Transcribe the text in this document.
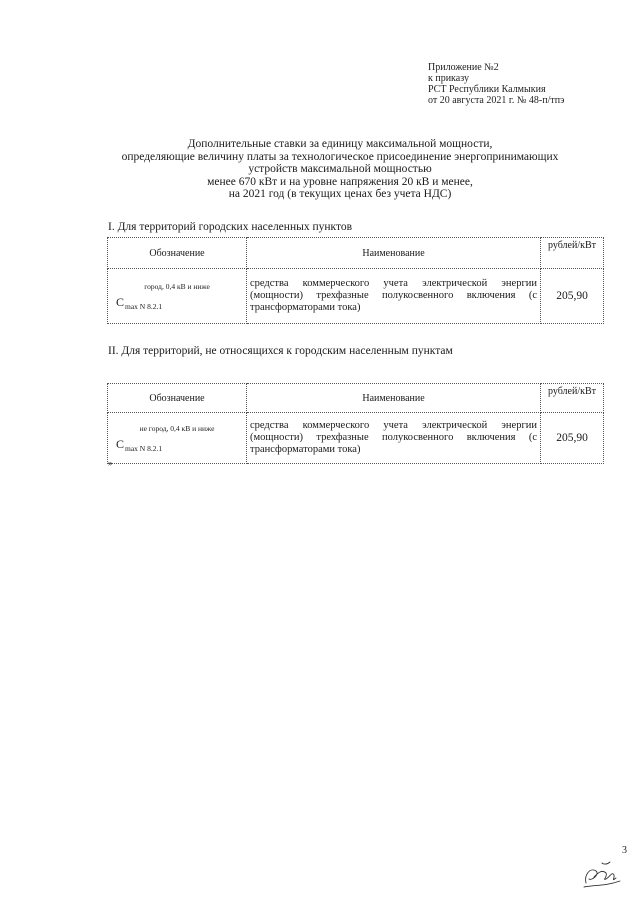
Приложение №2
к приказу
РСТ Республики Калмыкия
от 20 августа 2021 г. № 48-п/тпэ
Дополнительные ставки за единицу максимальной мощности,
определяющие величину платы за технологическое присоединение энергопринимающих
устройств максимальной мощностью
менее 670 кВт и на уровне напряжения 20 кВ и менее,
на 2021 год (в текущих ценах без учета НДС)
I. Для территорий городских населенных пунктов
Обозначение	Наименование	рублей/кВт

город, 0,4 кВ и ниже
$C_{max N 8.2.1}$	средства коммерческого учета электрической энергии (мощности) трехфазные полукосвенного включения (с трансформаторами тока)	205,90
II. Для территорий, не относящихся к городским населенным пунктам
Обозначение	Наименование	рублей/кВт

не город, 0,4 кВ и ниже
$C_{max N 8.2.1}$	средства коммерческого учета электрической энергии (мощности) трехфазные полукосвенного включения (с трансформаторами тока)	205,90
»
3
